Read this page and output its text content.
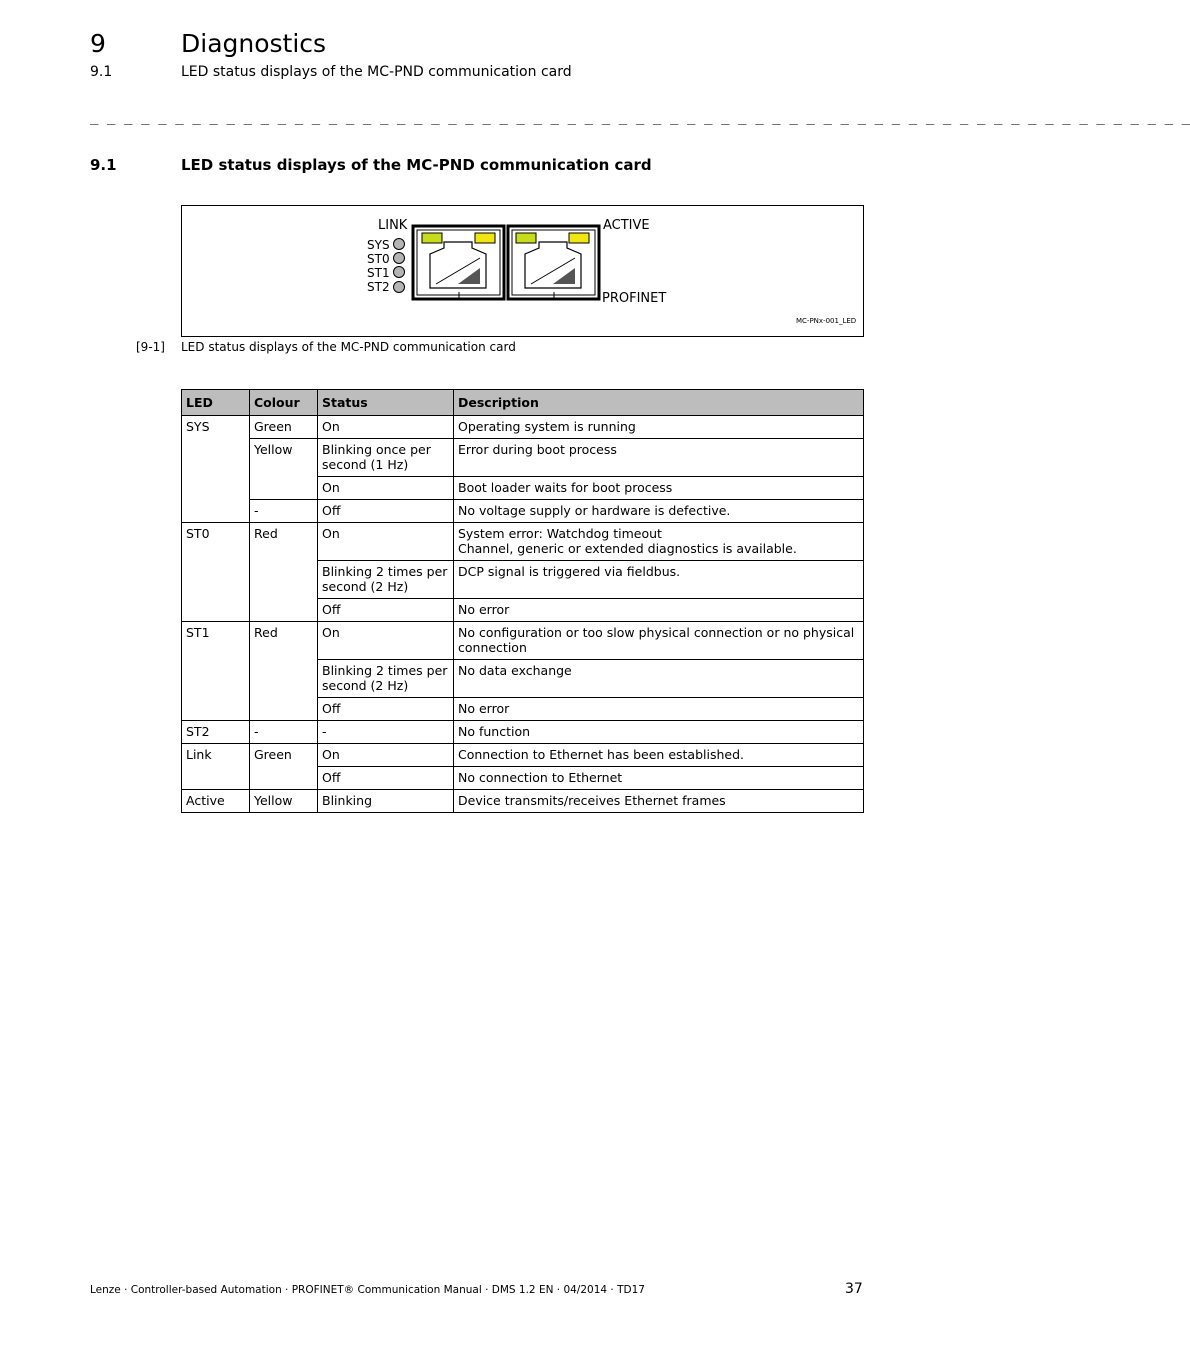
9	Diagnostics
9.1	LED status displays of the MC-PND communication card
_ _ _ _ _ _ _ _ _ _ _ _ _ _ _ _ _ _ _ _ _ _ _ _ _ _ _ _ _ _ _ _ _ _ _ _ _ _ _ _ _ _ _ _ _ _ _ _ _ _ _ _ _ _ _ _ _ _ _ _ _ _ _ _ _
9.1	LED status displays of the MC-PND communication card
LINK	ACTIVE
PROFINET
SYS
ST0
ST1
ST2
MC-PNx-001_LED
[9-1] LED status displays of the MC-PND communication card
LED	Colour	Status	Description
SYS	Green	On	Operating system is running
	Yellow	Blinking once per second (1 Hz)	Error during boot process
		On	Boot loader waits for boot process
	-	Off	No voltage supply or hardware is defective.
ST0	Red	On	System error: Watchdog timeout
Channel, generic or extended diagnostics is available.

		Blinking 2 times per second (2 Hz)	DCP signal is triggered via fieldbus.
		Off	No error
ST1	Red	On	No configuration or too slow physical connection or no physical connection
		Blinking 2 times per second (2 Hz)	No data exchange
		Off	No error
ST2	-	-	No function
Link	Green	On	Connection to Ethernet has been established.
		Off	No connection to Ethernet
Active	Yellow	Blinking	Device transmits/receives Ethernet frames
Lenze · Controller-based Automation · PROFINET® Communication Manual · DMS 1.2 EN · 04/2014 · TD17	37
